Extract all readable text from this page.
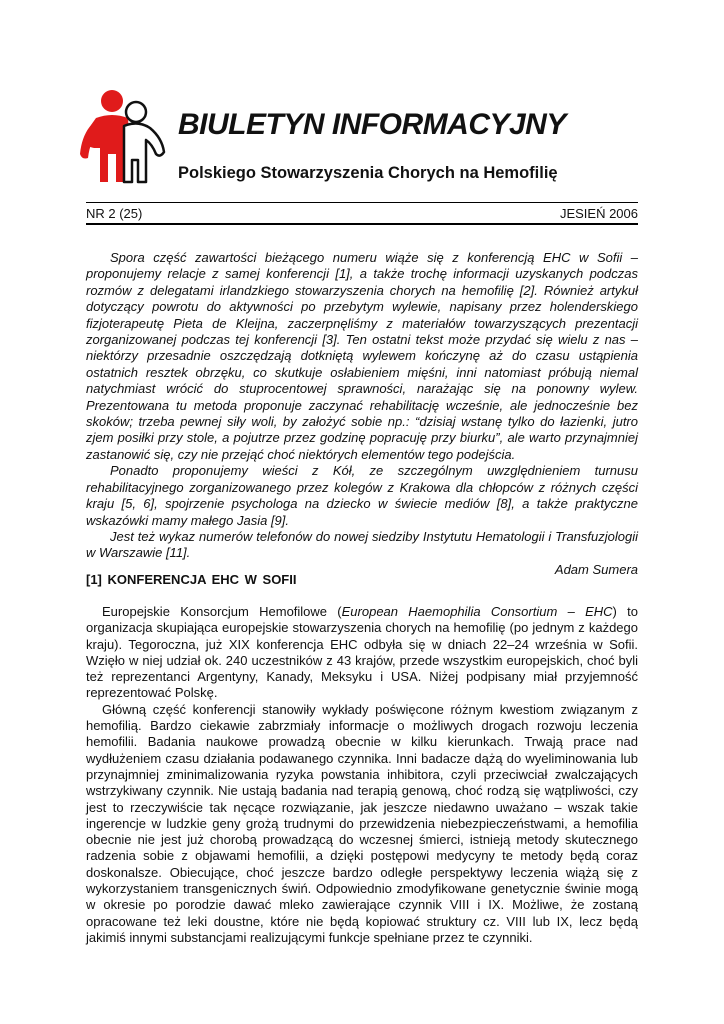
BIULETYN INFORMACYJNY
Polskiego Stowarzyszenia Chorych na Hemofilię
NR 2 (25)	JESIEŃ 2006

Spora część zawartości bieżącego numeru wiąże się z konferencją EHC w Sofii – proponujemy relacje z samej konferencji [1], a także trochę informacji uzyskanych podczas rozmów z delegatami irlandzkiego stowarzyszenia chorych na hemofilię [2]. Również artykuł dotyczący powrotu do aktywności po przebytym wylewie, napisany przez holenderskiego fizjoterapeutę Pieta de Kleijna, zaczerpnęliśmy z materiałów towarzyszących prezentacji zorganizowanej podczas tej konferencji [3]. Ten ostatni tekst może przydać się wielu z nas – niektórzy przesadnie oszczędzają dotkniętą wylewem kończynę aż do czasu ustąpienia ostatnich resztek obrzęku, co skutkuje osłabieniem mięśni, inni natomiast próbują niemal natychmiast wrócić do stuprocentowej sprawności, narażając się na ponowny wylew. Prezentowana tu metoda proponuje zaczynać rehabilitację wcześnie, ale jednocześnie bez skoków; trzeba pewnej siły woli, by założyć sobie np.: “dzisiaj wstanę tylko do łazienki, jutro zjem posiłki przy stole, a pojutrze przez godzinę popracuję przy biurku”, ale warto przynajmniej zastanowić się, czy nie przejąć choć niektórych elementów tego podejścia.

Ponadto proponujemy wieści z Kół, ze szczególnym uwzględnieniem turnusu rehabilitacyjnego zorganizowanego przez kolegów z Krakowa dla chłopców z różnych części kraju [5, 6], spojrzenie psychologa na dziecko w świecie mediów [8], a także praktyczne wskazówki mamy małego Jasia [9].

Jest też wykaz numerów telefonów do nowej siedziby Instytutu Hematologii i Transfuzjologii w Warszawie [11].

Adam Sumera

[1] KONFERENCJA EHC W SOFII

Europejskie Konsorcjum Hemofilowe (European Haemophilia Consortium – EHC) to organizacja skupiająca europejskie stowarzyszenia chorych na hemofilię (po jednym z każdego kraju). Tegoroczna, już XIX konferencja EHC odbyła się w dniach 22–24 września w Sofii. Wzięło w niej udział ok. 240 uczestników z 43 krajów, przede wszystkim europejskich, choć byli też reprezentanci Argentyny, Kanady, Meksyku i USA. Niżej podpisany miał przyjemność reprezentować Polskę.

Główną część konferencji stanowiły wykłady poświęcone różnym kwestiom związanym z hemofilią. Bardzo ciekawie zabrzmiały informacje o możliwych drogach rozwoju leczenia hemofilii. Badania naukowe prowadzą obecnie w kilku kierunkach. Trwają prace nad wydłużeniem czasu działania podawanego czynnika. Inni badacze dążą do wyeliminowania lub przynajmniej zminimalizowania ryzyka powstania inhibitora, czyli przeciwciał zwalczających wstrzykiwany czynnik. Nie ustają badania nad terapią genową, choć rodzą się wątpliwości, czy jest to rzeczywiście tak nęcące rozwiązanie, jak jeszcze niedawno uważano – wszak takie ingerencje w ludzkie geny grożą trudnymi do przewidzenia niebezpieczeństwami, a hemofilia obecnie nie jest już chorobą prowadzącą do wczesnej śmierci, istnieją metody skutecznego radzenia sobie z objawami hemofilii, a dzięki postępowi medycyny te metody będą coraz doskonalsze. Obiecujące, choć jeszcze bardzo odległe perspektywy leczenia wiążą się z wykorzystaniem transgenicznych świń. Odpowiednio zmodyfikowane genetycznie świnie mogą w okresie po porodzie dawać mleko zawierające czynnik VIII i IX. Możliwe, że zostaną opracowane też leki doustne, które nie będą kopiować struktury cz. VIII lub IX, lecz będą jakimiś innymi substancjami realizującymi funkcje spełniane przez te czynniki.
